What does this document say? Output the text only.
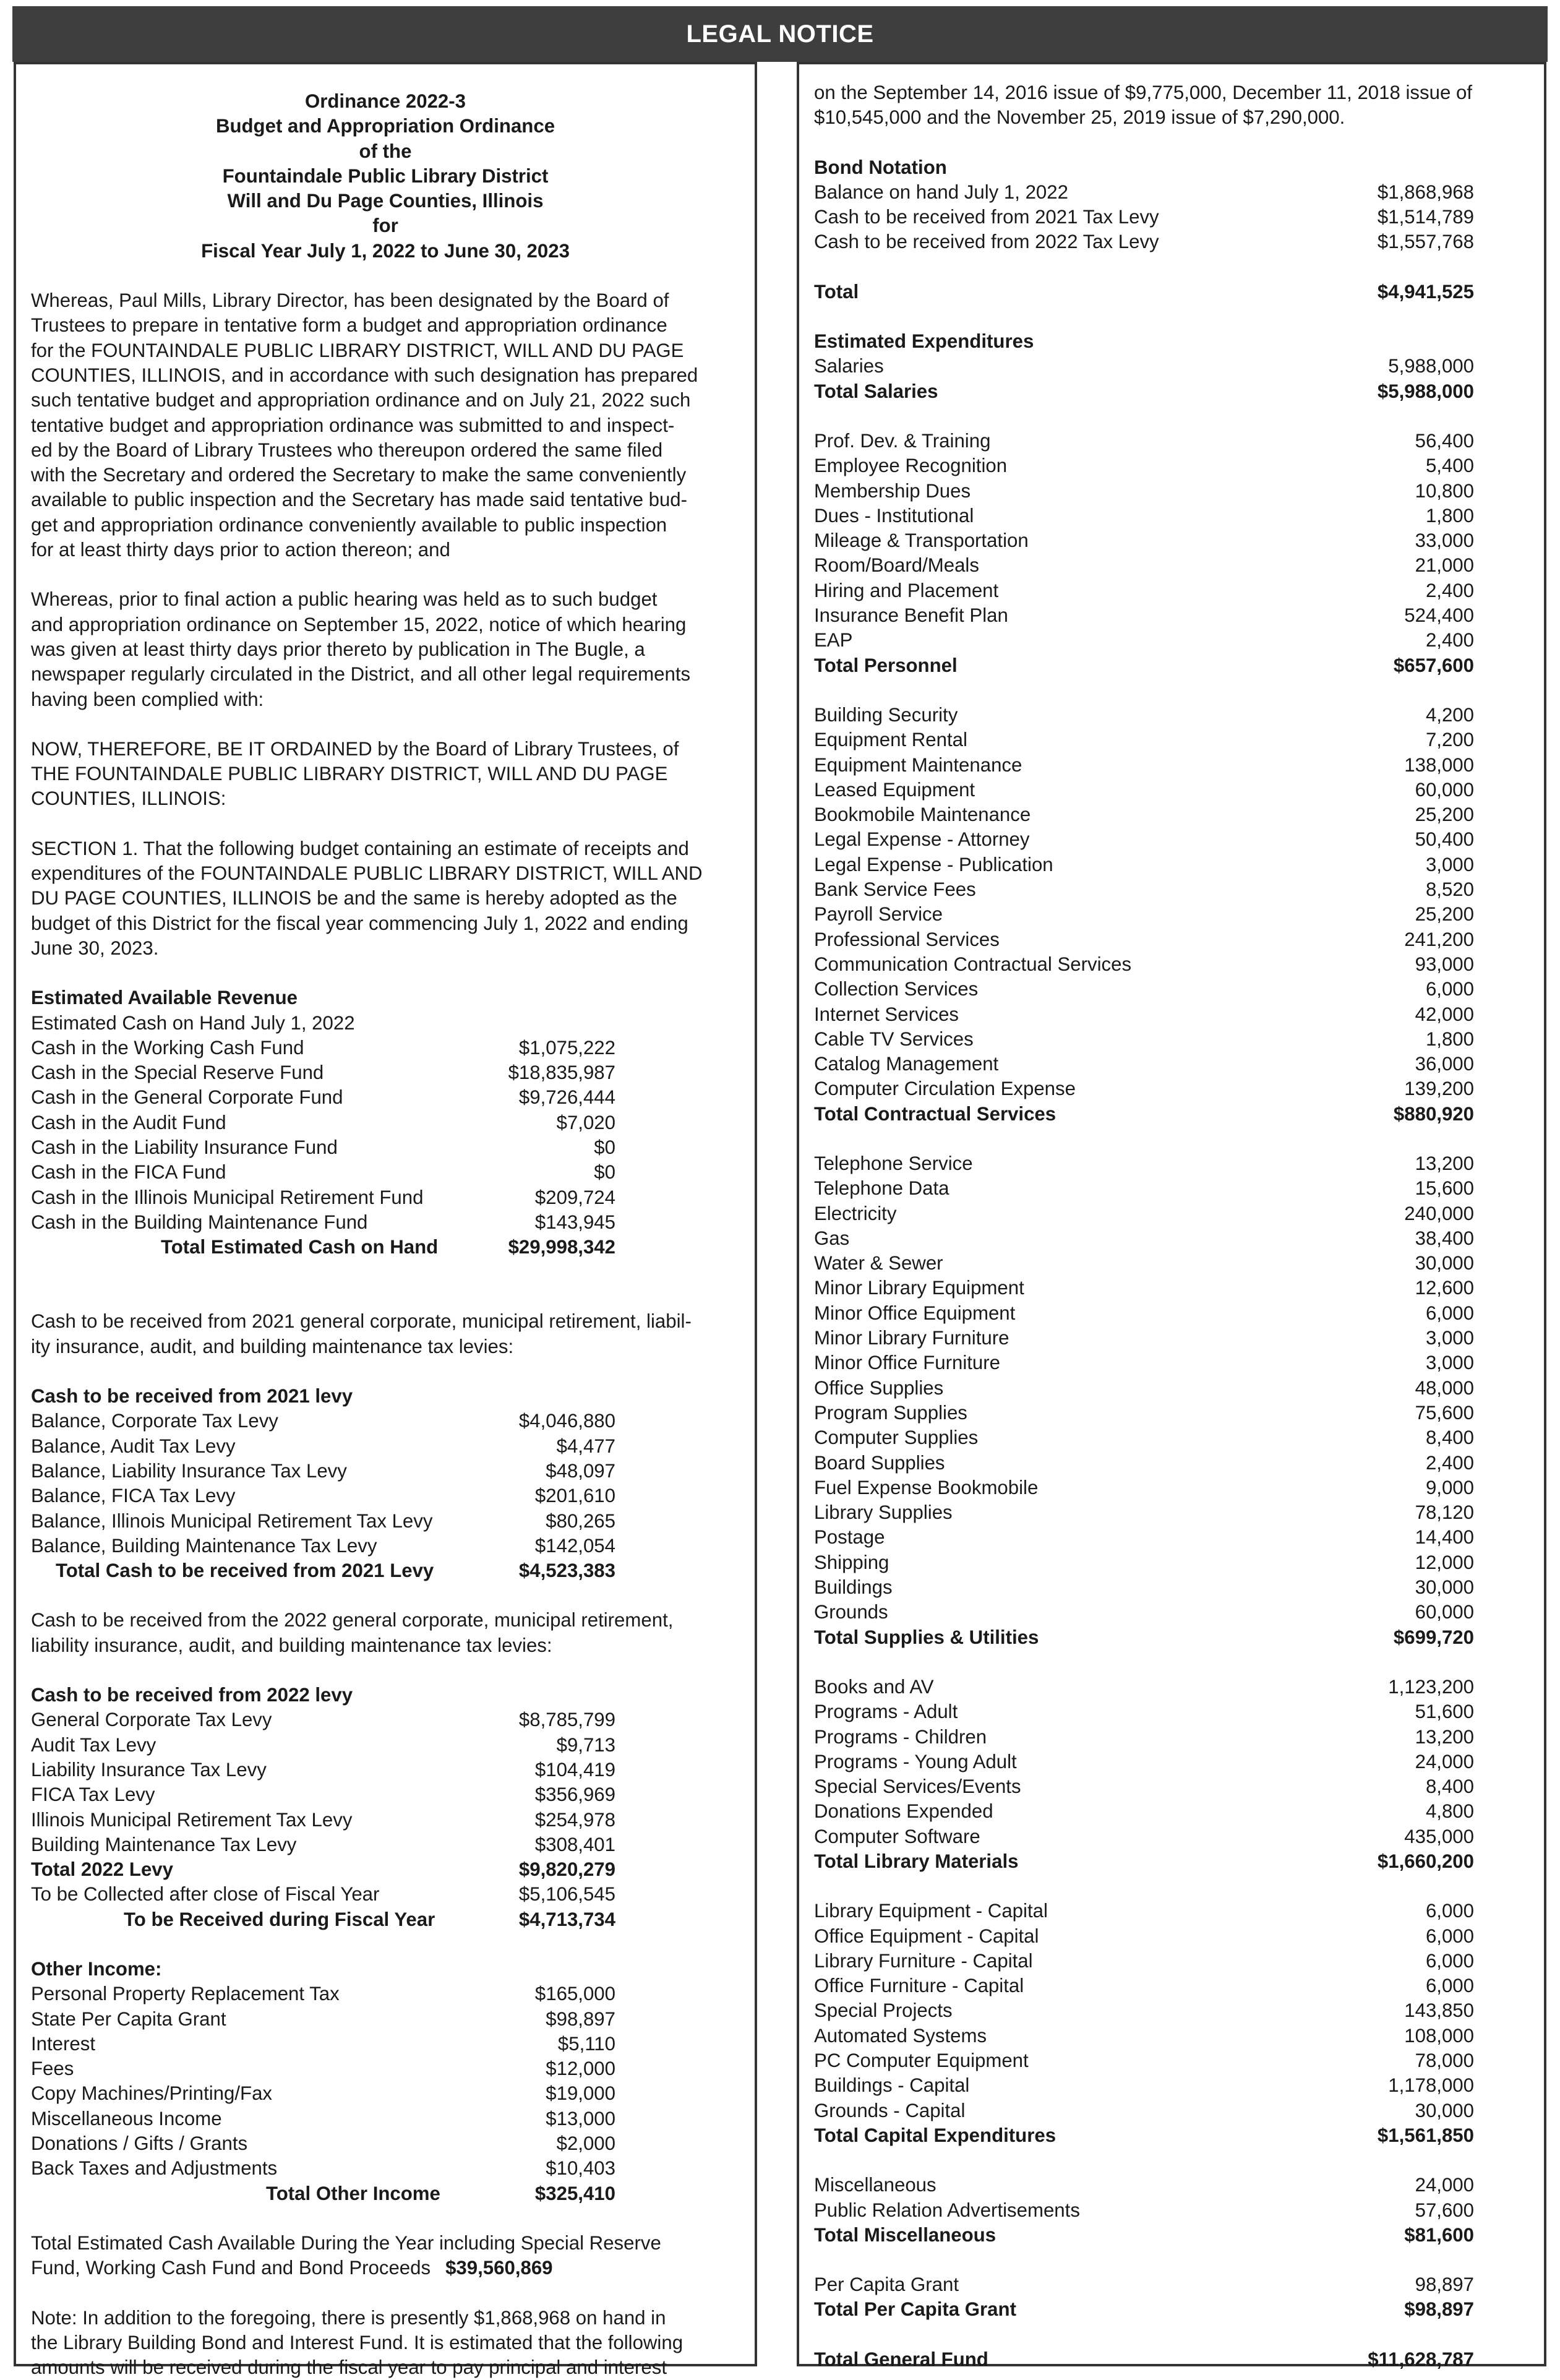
LEGAL NOTICE
Ordinance 2022-3
Budget and Appropriation Ordinance
of the
Fountaindale Public Library District
Will and Du Page Counties, Illinois
for
Fiscal Year July 1, 2022 to June 30, 2023
Whereas, Paul Mills, Library Director, has been designated by the Board of
Trustees to prepare in tentative form a budget and appropriation ordinance
for the FOUNTAINDALE PUBLIC LIBRARY DISTRICT, WILL AND DU PAGE
COUNTIES, ILLINOIS, and in accordance with such designation has prepared
such tentative budget and appropriation ordinance and on July 21, 2022 such
tentative budget and appropriation ordinance was submitted to and inspect-
ed by the Board of Library Trustees who thereupon ordered the same filed
with the Secretary and ordered the Secretary to make the same conveniently
available to public inspection and the Secretary has made said tentative bud-
get and appropriation ordinance conveniently available to public inspection
for at least thirty days prior to action thereon; and
Whereas, prior to final action a public hearing was held as to such budget
and appropriation ordinance on September 15, 2022, notice of which hearing
was given at least thirty days prior thereto by publication in The Bugle, a
newspaper regularly circulated in the District, and all other legal requirements
having been complied with:
NOW, THEREFORE, BE IT ORDAINED by the Board of Library Trustees, of
THE FOUNTAINDALE PUBLIC LIBRARY DISTRICT, WILL AND DU PAGE
COUNTIES, ILLINOIS:
SECTION 1. That the following budget containing an estimate of receipts and
expenditures of the FOUNTAINDALE PUBLIC LIBRARY DISTRICT, WILL AND
DU PAGE COUNTIES, ILLINOIS be and the same is hereby adopted as the
budget of this District for the fiscal year commencing July 1, 2022 and ending
June 30, 2023.
Estimated Available Revenue
Estimated Cash on Hand July 1, 2022
Cash in the Working Cash Fund	$1,075,222
Cash in the Special Reserve Fund	$18,835,987
Cash in the General Corporate Fund	$9,726,444
Cash in the Audit Fund	$7,020
Cash in the Liability Insurance Fund	$0
Cash in the FICA Fund	$0
Cash in the Illinois Municipal Retirement Fund	$209,724
Cash in the Building Maintenance Fund	$143,945
Total Estimated Cash on Hand	$29,998,342
Cash to be received from 2021 general corporate, municipal retirement, liabil-
ity insurance, audit, and building maintenance tax levies:
Cash to be received from 2021 levy
Balance, Corporate Tax Levy	$4,046,880
Balance, Audit Tax Levy	$4,477
Balance, Liability Insurance Tax Levy	$48,097
Balance, FICA Tax Levy	$201,610
Balance, Illinois Municipal Retirement Tax Levy	$80,265
Balance, Building Maintenance Tax Levy	$142,054
Total Cash to be received from 2021 Levy	$4,523,383
Cash to be received from the 2022 general corporate, municipal retirement,
liability insurance, audit, and building maintenance tax levies:
Cash to be received from 2022 levy
General Corporate Tax Levy	$8,785,799
Audit Tax Levy	$9,713
Liability Insurance Tax Levy	$104,419
FICA Tax Levy	$356,969
Illinois Municipal Retirement Tax Levy	$254,978
Building Maintenance Tax Levy	$308,401
Total 2022 Levy	$9,820,279
To be Collected after close of Fiscal Year	$5,106,545
To be Received during Fiscal Year	$4,713,734
Other Income:
Personal Property Replacement Tax	$165,000
State Per Capita Grant	$98,897
Interest	$5,110
Fees	$12,000
Copy Machines/Printing/Fax	$19,000
Miscellaneous Income	$13,000
Donations / Gifts / Grants	$2,000
Back Taxes and Adjustments	$10,403
Total Other Income	$325,410
Total Estimated Cash Available During the Year including Special Reserve
Fund, Working Cash Fund and Bond Proceeds $39,560,869
Note: In addition to the foregoing, there is presently $1,868,968 on hand in
the Library Building Bond and Interest Fund. It is estimated that the following
amounts will be received during the fiscal year to pay principal and interest
on the September 14, 2016 issue of $9,775,000, December 11, 2018 issue of
$10,545,000 and the November 25, 2019 issue of $7,290,000.
Bond Notation
Balance on hand July 1, 2022	$1,868,968
Cash to be received from 2021 Tax Levy	$1,514,789
Cash to be received from 2022 Tax Levy	$1,557,768
Total	$4,941,525
Estimated Expenditures
Salaries	5,988,000
Total Salaries	$5,988,000
Prof. Dev. & Training	56,400
Employee Recognition	5,400
Membership Dues	10,800
Dues - Institutional	1,800
Mileage & Transportation	33,000
Room/Board/Meals	21,000
Hiring and Placement	2,400
Insurance Benefit Plan	524,400
EAP	2,400
Total Personnel	$657,600
Building Security	4,200
Equipment Rental	7,200
Equipment Maintenance	138,000
Leased Equipment	60,000
Bookmobile Maintenance	25,200
Legal Expense - Attorney	50,400
Legal Expense - Publication	3,000
Bank Service Fees	8,520
Payroll Service	25,200
Professional Services	241,200
Communication Contractual Services	93,000
Collection Services	6,000
Internet Services	42,000
Cable TV Services	1,800
Catalog Management	36,000
Computer Circulation Expense	139,200
Total Contractual Services	$880,920
Telephone Service	13,200
Telephone Data	15,600
Electricity	240,000
Gas	38,400
Water & Sewer	30,000
Minor Library Equipment	12,600
Minor Office Equipment	6,000
Minor Library Furniture	3,000
Minor Office Furniture	3,000
Office Supplies	48,000
Program Supplies	75,600
Computer Supplies	8,400
Board Supplies	2,400
Fuel Expense Bookmobile	9,000
Library Supplies	78,120
Postage	14,400
Shipping	12,000
Buildings	30,000
Grounds	60,000
Total Supplies & Utilities	$699,720
Books and AV	1,123,200
Programs - Adult	51,600
Programs - Children	13,200
Programs - Young Adult	24,000
Special Services/Events	8,400
Donations Expended	4,800
Computer Software	435,000
Total Library Materials	$1,660,200
Library Equipment - Capital	6,000
Office Equipment - Capital	6,000
Library Furniture - Capital	6,000
Office Furniture - Capital	6,000
Special Projects	143,850
Automated Systems	108,000
PC Computer Equipment	78,000
Buildings - Capital	1,178,000
Grounds - Capital	30,000
Total Capital Expenditures	$1,561,850
Miscellaneous	24,000
Public Relation Advertisements	57,600
Total Miscellaneous	$81,600
Per Capita Grant	98,897
Total Per Capita Grant	$98,897
Total General Fund	$11,628,787
